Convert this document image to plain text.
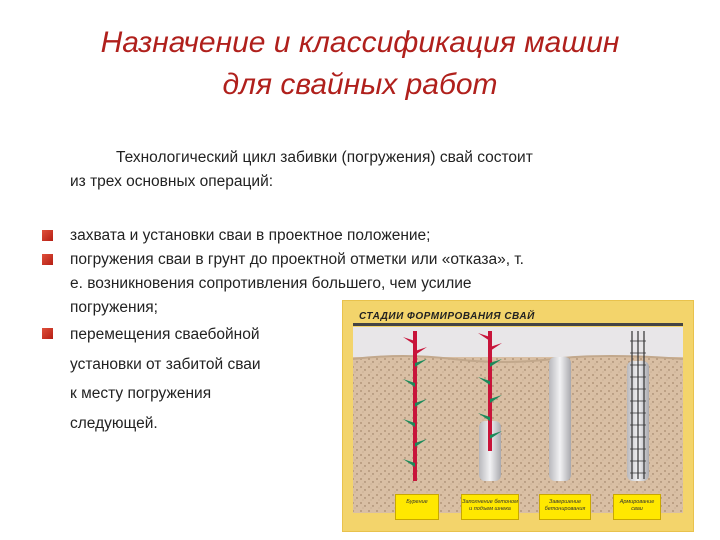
Назначение и классификация машин
для свайных работ
Технологический цикл забивки (погружения) свай состоит
из трех основных операций:
захвата и установки сваи в проектное положение;
погружения сваи в грунт до проектной отметки или «отказа», т.
е. возникновения сопротивления большего, чем усилие
погружения;
перемещения сваебойной
установки от забитой сваи
к месту погружения
следующей.
СТАДИИ ФОРМИРОВАНИЯ СВАЙ
Бурение	Заполнение бетоном и подъем шнека
Завершение бетонирования
Армирование сваи
